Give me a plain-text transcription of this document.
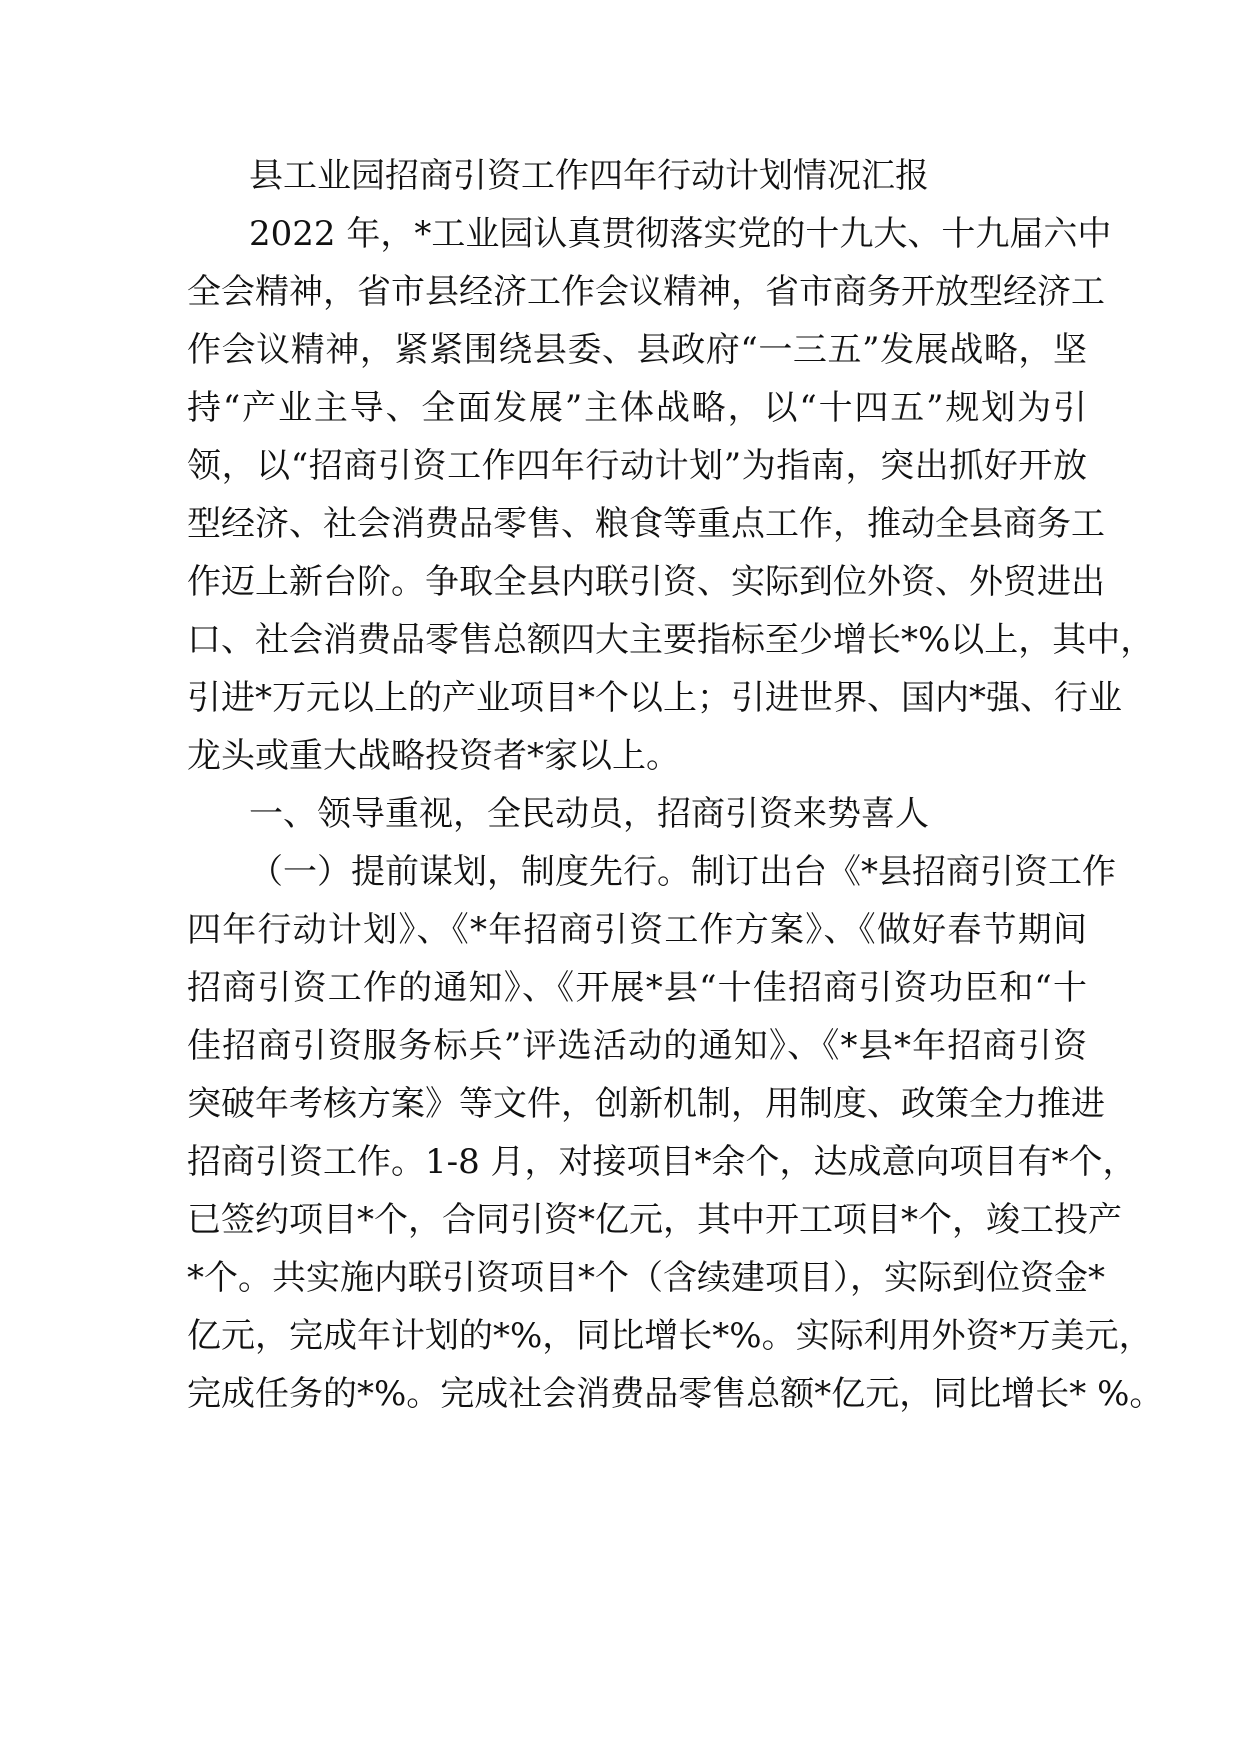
县工业园招商引资工作四年行动计划情况汇报
2022 年，*工业园认真贯彻落实党的十九大、十九届六中
全会精神，省市县经济工作会议精神，省市商务开放型经济工
作会议精神，紧紧围绕县委、县政府“一三五”发展战略，坚
持“产业主导、全面发展”主体战略，以“十四五”规划为引
领，以“招商引资工作四年行动计划”为指南，突出抓好开放
型经济、社会消费品零售、粮食等重点工作，推动全县商务工
作迈上新台阶。争取全县内联引资、实际到位外资、外贸进出
口、社会消费品零售总额四大主要指标至少增长*%以上，其中，
引进*万元以上的产业项目*个以上；引进世界、国内*强、行业
龙头或重大战略投资者*家以上。
一、领导重视，全民动员，招商引资来势喜人
（一）提前谋划，制度先行。制订出台《*县招商引资工作
四年行动计划》、《*年招商引资工作方案》、《做好春节期间
招商引资工作的通知》、《开展*县“十佳招商引资功臣和“十
佳招商引资服务标兵”评选活动的通知》、《*县*年招商引资
突破年考核方案》等文件，创新机制，用制度、政策全力推进
招商引资工作。1-8 月，对接项目*余个，达成意向项目有*个，
已签约项目*个，合同引资*亿元，其中开工项目*个，竣工投产
*个。共实施内联引资项目*个（含续建项目），实际到位资金*
亿元，完成年计划的*%，同比增长*%。实际利用外资*万美元，
完成任务的*%。完成社会消费品零售总额*亿元，同比增长* %。
